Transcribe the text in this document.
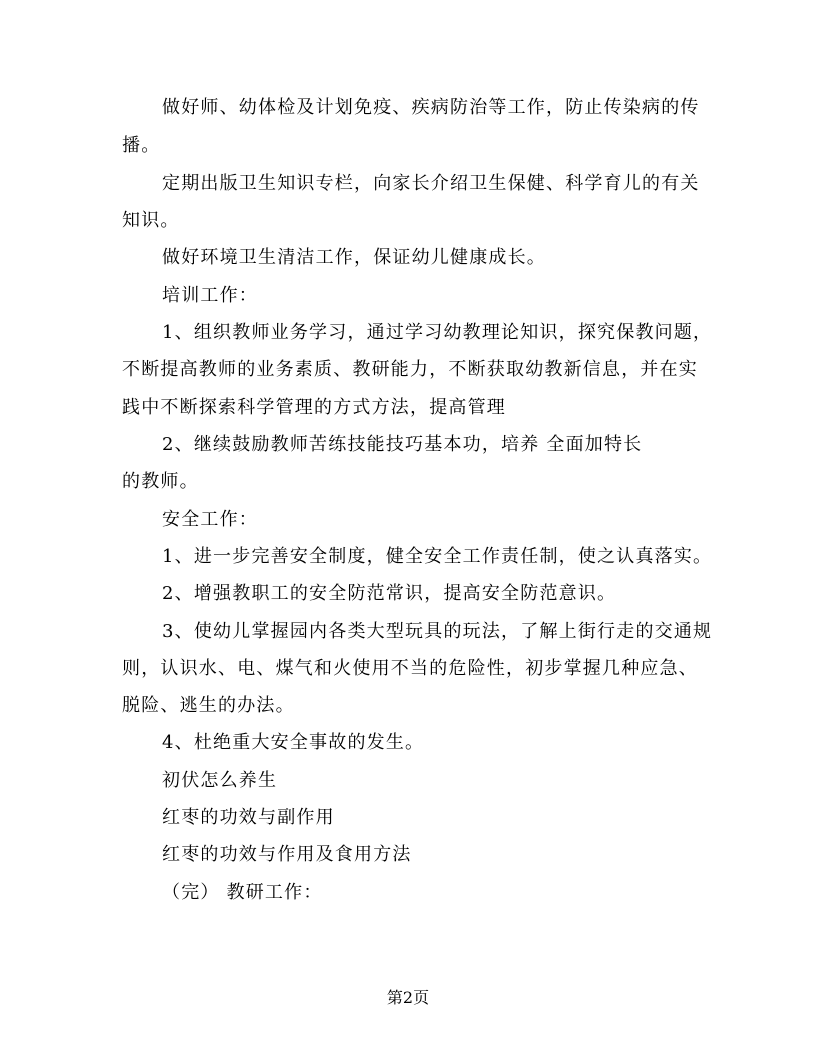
做好师、幼体检及计划免疫、疾病防治等工作，防止传染病的传
播。
定期出版卫生知识专栏，向家长介绍卫生保健、科学育儿的有关
知识。
做好环境卫生清洁工作，保证幼儿健康成长。
培训工作：
1、组织教师业务学习，通过学习幼教理论知识，探究保教问题，
不断提高教师的业务素质、教研能力，不断获取幼教新信息，并在实
践中不断探索科学管理的方式方法，提高管理
2、继续鼓励教师苦练技能技巧基本功，培养 全面加特长
的教师。
安全工作：
1、进一步完善安全制度，健全安全工作责任制，使之认真落实。
2、增强教职工的安全防范常识，提高安全防范意识。
3、使幼儿掌握园内各类大型玩具的玩法，了解上街行走的交通规
则，认识水、电、煤气和火使用不当的危险性，初步掌握几种应急、
脱险、逃生的办法。
4、杜绝重大安全事故的发生。
初伏怎么养生
红枣的功效与副作用
红枣的功效与作用及食用方法
（完） 教研工作：
第2页
